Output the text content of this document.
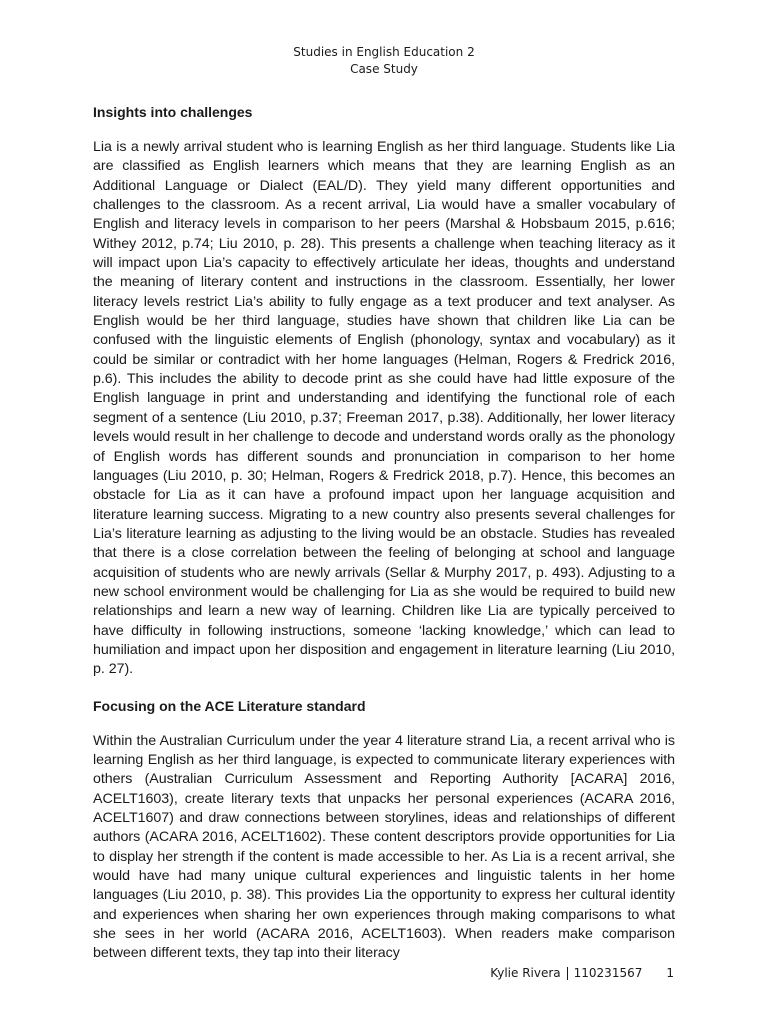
Studies in English Education 2
Case Study
Insights into challenges

Lia is a newly arrival student who is learning English as her third language. Students like Lia are classified as English learners which means that they are learning English as an Additional Language or Dialect (EAL/D). They yield many different opportunities and challenges to the classroom. As a recent arrival, Lia would have a smaller vocabulary of English and literacy levels in comparison to her peers (Marshal & Hobsbaum 2015, p.616; Withey 2012, p.74; Liu 2010, p. 28). This presents a challenge when teaching literacy as it will impact upon Lia’s capacity to effectively articulate her ideas, thoughts and understand the meaning of literary content and instructions in the classroom. Essentially, her lower literacy levels restrict Lia’s ability to fully engage as a text producer and text analyser. As English would be her third language, studies have shown that children like Lia can be confused with the linguistic elements of English (phonology, syntax and vocabulary) as it could be similar or contradict with her home languages (Helman, Rogers & Fredrick 2016, p.6). This includes the ability to decode print as she could have had little exposure of the English language in print and understanding and identifying the functional role of each segment of a sentence (Liu 2010, p.37; Freeman 2017, p.38). Additionally, her lower literacy levels would result in her challenge to decode and understand words orally as the phonology of English words has different sounds and pronunciation in comparison to her home languages (Liu 2010, p. 30; Helman, Rogers & Fredrick 2018, p.7). Hence, this becomes an obstacle for Lia as it can have a profound impact upon her language acquisition and literature learning success. Migrating to a new country also presents several challenges for Lia’s literature learning as adjusting to the living would be an obstacle. Studies has revealed that there is a close correlation between the feeling of belonging at school and language acquisition of students who are newly arrivals (Sellar & Murphy 2017, p. 493). Adjusting to a new school environment would be challenging for Lia as she would be required to build new relationships and learn a new way of learning. Children like Lia are typically perceived to have difficulty in following instructions, someone ‘lacking knowledge,’ which can lead to humiliation and impact upon her disposition and engagement in literature learning (Liu 2010, p. 27).

Focusing on the ACE Literature standard

Within the Australian Curriculum under the year 4 literature strand Lia, a recent arrival who is learning English as her third language, is expected to communicate literary experiences with others (Australian Curriculum Assessment and Reporting Authority [ACARA] 2016, ACELT1603), create literary texts that unpacks her personal experiences (ACARA 2016, ACELT1607) and draw connections between storylines, ideas and relationships of different authors (ACARA 2016, ACELT1602). These content descriptors provide opportunities for Lia to display her strength if the content is made accessible to her. As Lia is a recent arrival, she would have had many unique cultural experiences and linguistic talents in her home languages (Liu 2010, p. 38). This provides Lia the opportunity to express her cultural identity and experiences when sharing her own experiences through making comparisons to what she sees in her world (ACARA 2016, ACELT1603). When readers make comparison between different texts, they tap into their literacy

Kylie Rivera 110231567 1
